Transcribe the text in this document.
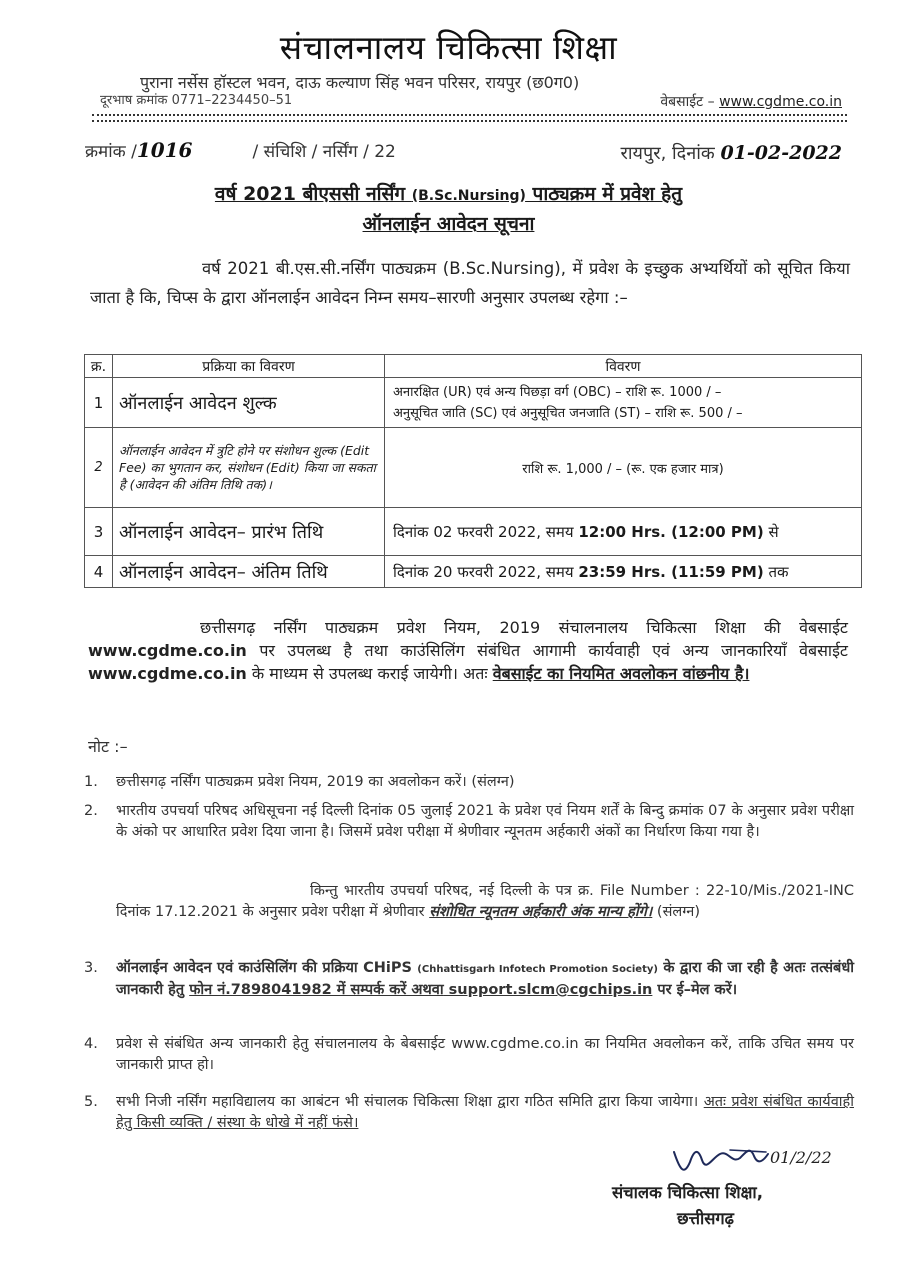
संचालनालय चिकित्सा शिक्षा
पुराना नर्सेस हॉस्टल भवन, दाऊ कल्याण सिंह भवन परिसर, रायपुर (छ0ग0)
दूरभाष क्रमांक 0771–2234450–51	वेबसाईट – www.cgdme.co.in
क्रमांक /1016	/ संचिशि / नर्सिंग / 22	रायपुर, दिनांक 01-02-2022
वर्ष 2021 बीएससी नर्सिंग (B.Sc.Nursing) पाठ्यक्रम में प्रवेश हेतु
ऑनलाईन आवेदन सूचना
वर्ष 2021 बी.एस.सी.नर्सिंग पाठ्यक्रम (B.Sc.Nursing), में प्रवेश के इच्छुक अभ्यर्थियों को सूचित किया जाता है कि, चिप्स के द्वारा ऑनलाईन आवेदन निम्न समय–सारणी अनुसार उपलब्ध रहेगा :–
क्र.	प्रक्रिया का विवरण	विवरण
1	ऑनलाईन आवेदन शुल्क	अनारक्षित (UR) एवं अन्य पिछड़ा वर्ग (OBC) – राशि रू. 1000 / –
अनुसूचित जाति (SC) एवं अनुसूचित जनजाति (ST) – राशि रू. 500 / –

2	ऑनलाईन आवेदन में त्रुटि होने पर संशोधन शुल्क (Edit Fee) का भुगतान कर, संशोधन (Edit) किया जा सकता है (आवेदन की अंतिम तिथि तक)।	राशि रू. 1,000 / – (रू. एक हजार मात्र)
3	ऑनलाईन आवेदन– प्रारंभ तिथि	दिनांक 02 फरवरी 2022, समय 12:00 Hrs. (12:00 PM) से
4	ऑनलाईन आवेदन– अंतिम तिथि	दिनांक 20 फरवरी 2022, समय 23:59 Hrs. (11:59 PM) तक
छत्तीसगढ़ नर्सिंग पाठ्यक्रम प्रवेश नियम, 2019 संचालनालय चिकित्सा शिक्षा की वेबसाईट www.cgdme.co.in पर उपलब्ध है तथा काउंसिलिंग संबंधित आगामी कार्यवाही एवं अन्य जानकारियॉं वेबसाईट www.cgdme.co.in के माध्यम से उपलब्ध कराई जायेगी। अतः वेबसाईट का नियमित अवलोकन वांछनीय है।
नोट :–
1.	छत्तीसगढ़ नर्सिंग पाठ्यक्रम प्रवेश नियम, 2019 का अवलोकन करें। (संलग्न)
2.	भारतीय उपचर्या परिषद अधिसूचना नई दिल्ली दिनांक 05 जुलाई 2021 के प्रवेश एवं नियम शर्तें के बिन्दु क्रमांक 07 के अनुसार प्रवेश परीक्षा के अंको पर आधारित प्रवेश दिया जाना है। जिसमें प्रवेश परीक्षा में श्रेणीवार न्यूनतम अर्हकारी अंकों का निर्धारण किया गया है।
किन्तु भारतीय उपचर्या परिषद, नई दिल्ली के पत्र क्र. File Number : 22-10/Mis./2021-INC दिनांक 17.12.2021 के अनुसार प्रवेश परीक्षा में श्रेणीवार संशोधित न्यूनतम अर्हकारी अंक मान्य होंगे। (संलग्न)
3.	ऑनलाईन आवेदन एवं काउंसिलिंग की प्रक्रिया CHiPS (Chhattisgarh Infotech Promotion Society) के द्वारा की जा रही है अतः तत्संबंधी जानकारी हेतु फोन नं.7898041982 में सम्पर्क करें अथवा support.slcm@cgchips.in पर ई–मेल करें।
4.	प्रवेश से संबंधित अन्य जानकारी हेतु संचालनालय के बेबसाईट www.cgdme.co.in का नियमित अवलोकन करें, ताकि उचित समय पर जानकारी प्राप्त हो।
5.	सभी निजी नर्सिंग महाविद्यालय का आबंटन भी संचालक चिकित्सा शिक्षा द्वारा गठित समिति द्वारा किया जायेगा। अतः प्रवेश संबंधित कार्यवाही हेतु किसी व्यक्ति / संस्था के धोखे में नहीं फंसे।
01/2/22
संचालक चिकित्सा शिक्षा,
छत्तीसगढ़
